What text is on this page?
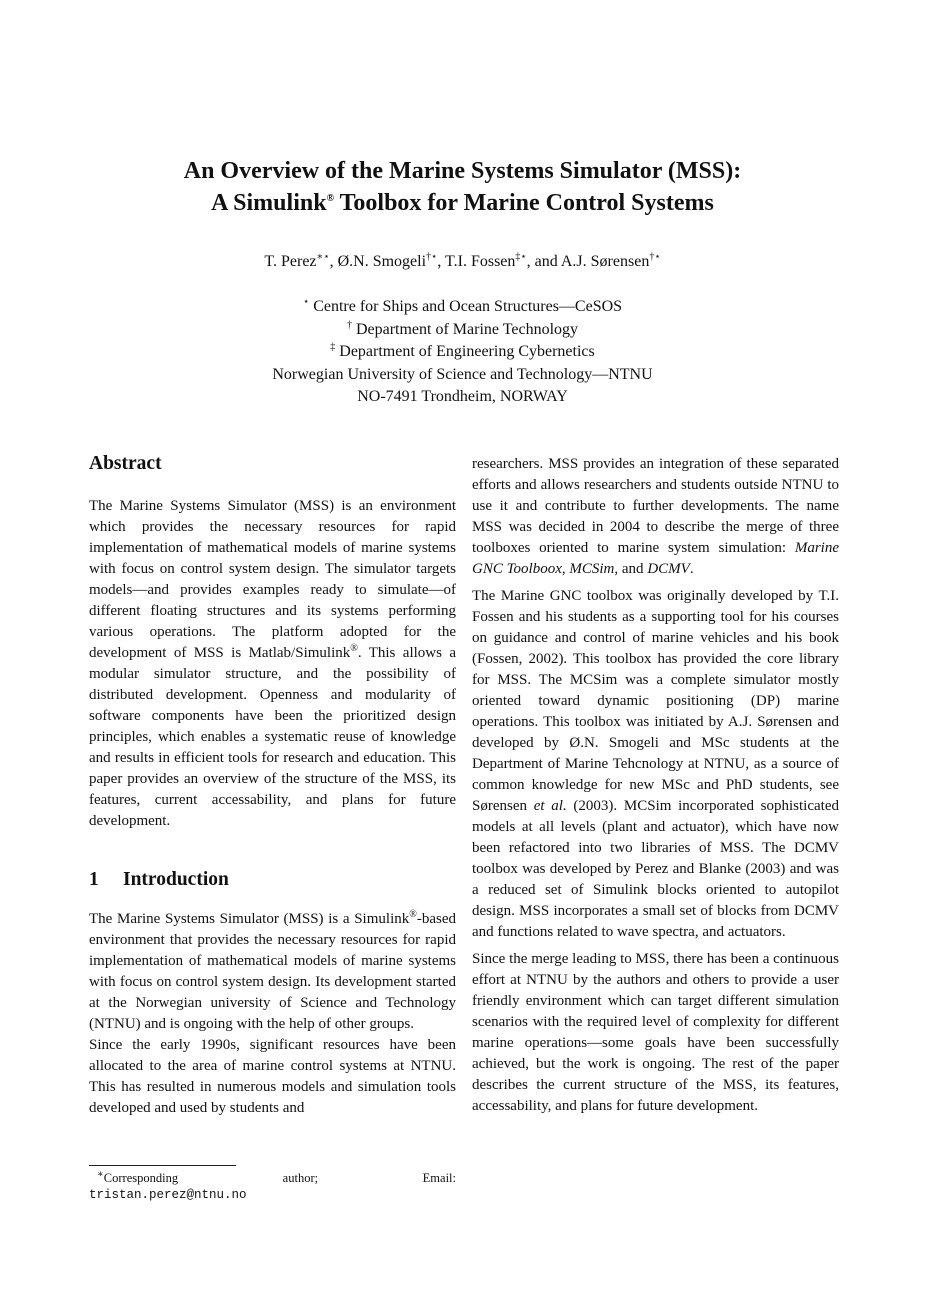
An Overview of the Marine Systems Simulator (MSS):
A Simulink® Toolbox for Marine Control Systems
T. Perez∗⋆, Ø.N. Smogeli†⋆, T.I. Fossen‡⋆, and A.J. Sørensen†⋆
⋆ Centre for Ships and Ocean Structures—CeSOS
† Department of Marine Technology
‡ Department of Engineering Cybernetics
Norwegian University of Science and Technology—NTNU
NO-7491 Trondheim, NORWAY
Abstract

The Marine Systems Simulator (MSS) is an environment which provides the necessary resources for rapid implementation of mathematical models of marine systems with focus on control system design. The simulator targets models—and provides examples ready to simulate—of different floating structures and its systems performing various operations. The platform adopted for the development of MSS is Matlab/Simulink®. This allows a modular simulator structure, and the possibility of distributed development. Openness and modularity of software components have been the prioritized design principles, which enables a systematic reuse of knowledge and results in efficient tools for research and education. This paper provides an overview of the structure of the MSS, its features, current accessability, and plans for future development.

1 Introduction

The Marine Systems Simulator (MSS) is a Simulink®-based environment that provides the necessary resources for rapid implementation of mathematical models of marine systems with focus on control system design. Its development started at the Norwegian university of Science and Technology (NTNU) and is ongoing with the help of other groups.

Since the early 1990s, significant resources have been allocated to the area of marine control systems at NTNU. This has resulted in numerous models and simulation tools developed and used by students and

∗Corresponding	author;	Email:
tristan.perez@ntnu.no

researchers. MSS provides an integration of these separated efforts and allows researchers and students outside NTNU to use it and contribute to further developments. The name MSS was decided in 2004 to describe the merge of three toolboxes oriented to marine system simulation: Marine GNC Toolboox, MCSim, and DCMV.

The Marine GNC toolbox was originally developed by T.I. Fossen and his students as a supporting tool for his courses on guidance and control of marine vehicles and his book (Fossen, 2002). This toolbox has provided the core library for MSS. The MCSim was a complete simulator mostly oriented toward dynamic positioning (DP) marine operations. This toolbox was initiated by A.J. Sørensen and developed by Ø.N. Smogeli and MSc students at the Department of Marine Tehcnology at NTNU, as a source of common knowledge for new MSc and PhD students, see Sørensen et al. (2003). MCSim incorporated sophisticated models at all levels (plant and actuator), which have now been refactored into two libraries of MSS. The DCMV toolbox was developed by Perez and Blanke (2003) and was a reduced set of Simulink blocks oriented to autopilot design. MSS incorporates a small set of blocks from DCMV and functions related to wave spectra, and actuators.

Since the merge leading to MSS, there has been a continuous effort at NTNU by the authors and others to provide a user friendly environment which can target different simulation scenarios with the required level of complexity for different marine operations—some goals have been successfully achieved, but the work is ongoing. The rest of the paper describes the current structure of the MSS, its features, accessability, and plans for future development.
